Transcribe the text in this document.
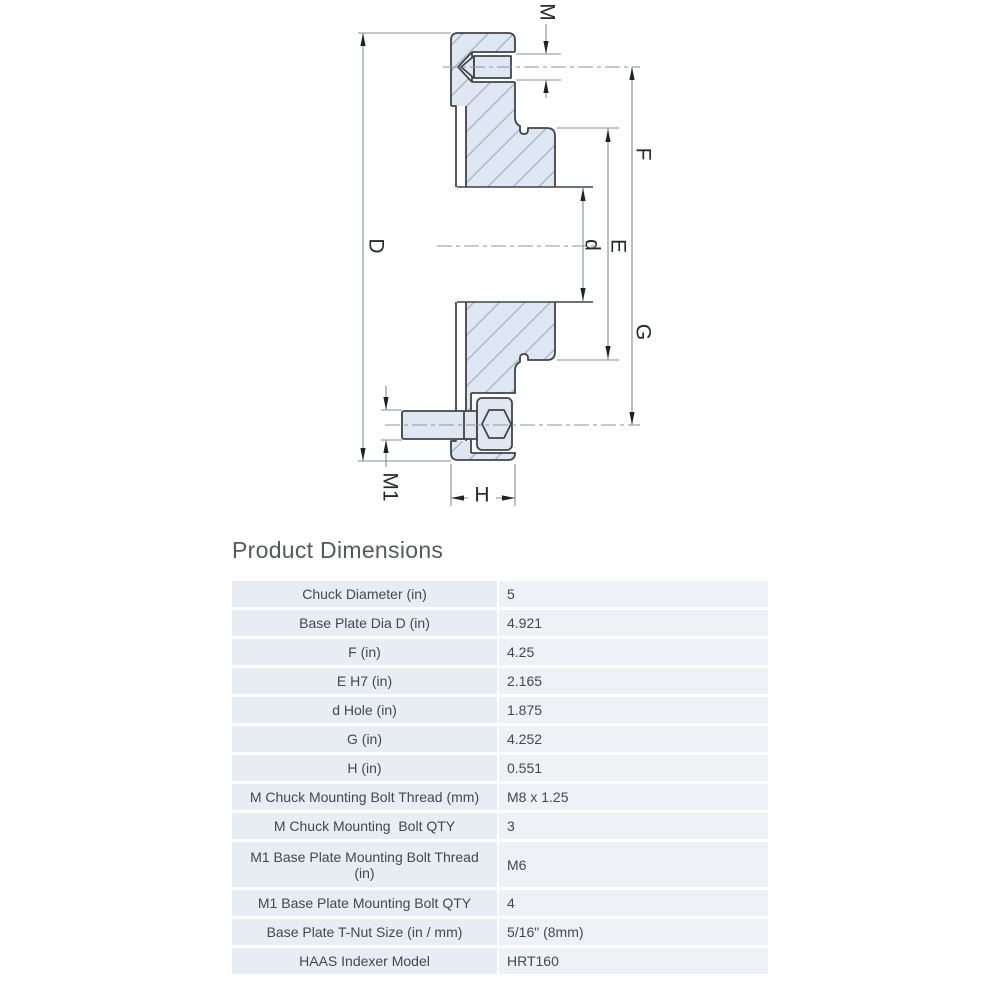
M
D
F
E
d
G
M1	H
Product Dimensions
Chuck Diameter (in)	5
Base Plate Dia D (in)	4.921
F (in)	4.25
E H7 (in)	2.165
d Hole (in)	1.875
G (in)	4.252
H (in)	0.551
M Chuck Mounting Bolt Thread (mm)	M8 x 1.25
M Chuck Mounting  Bolt QTY	3
M1 Base Plate Mounting Bolt Thread (in)	M6
M1 Base Plate Mounting Bolt QTY	4
Base Plate T-Nut Size (in / mm)	5/16" (8mm)
HAAS Indexer Model	HRT160
